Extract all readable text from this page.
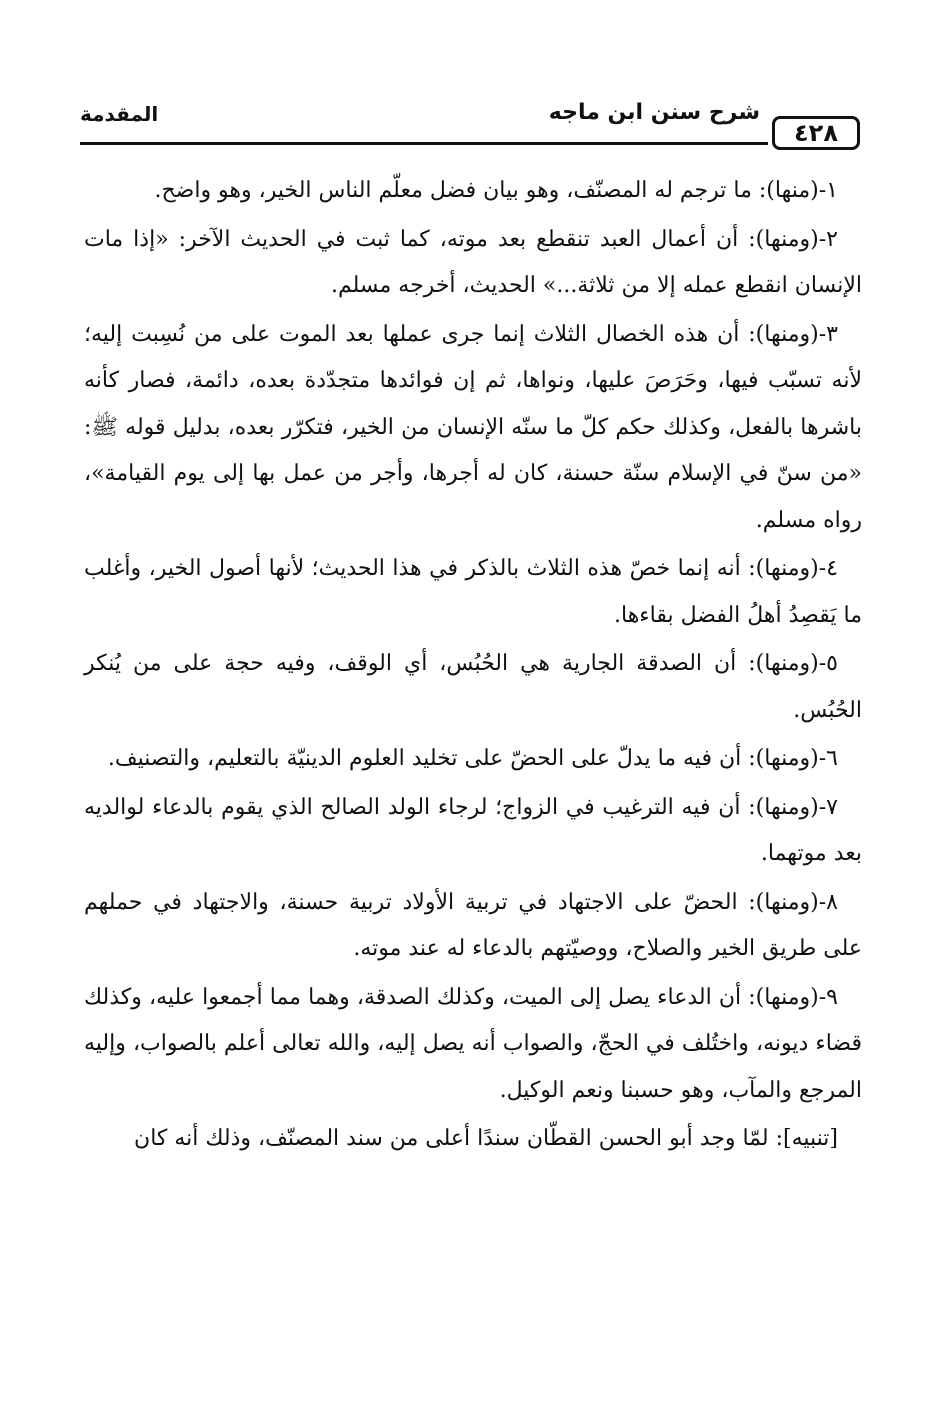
٤٢٨
شرح سنن ابن ماجه
المقدمة

١-(منها): ما ترجم له المصنّف، وهو بيان فضل معلّم الناس الخير، وهو واضح.

٢-(ومنها): أن أعمال العبد تنقطع بعد موته، كما ثبت في الحديث الآخر: «إذا مات الإنسان انقطع عمله إلا من ثلاثة...» الحديث، أخرجه مسلم.

٣-(ومنها): أن هذه الخصال الثلاث إنما جرى عملها بعد الموت على من نُسِبت إليه؛ لأنه تسبّب فيها، وحَرَصَ عليها، ونواها، ثم إن فوائدها متجدّدة بعده، دائمة، فصار كأنه باشرها بالفعل، وكذلك حكم كلّ ما سنّه الإنسان من الخير، فتكرّر بعده، بدليل قوله ﷺ: «من سنّ في الإسلام سنّة حسنة، كان له أجرها، وأجر من عمل بها إلى يوم القيامة»، رواه مسلم.

٤-(ومنها): أنه إنما خصّ هذه الثلاث بالذكر في هذا الحديث؛ لأنها أصول الخير، وأغلب ما يَقصِدُ أهلُ الفضل بقاءها.

٥-(ومنها): أن الصدقة الجارية هي الحُبُس، أي الوقف، وفيه حجة على من يُنكر الحُبُس.

٦-(ومنها): أن فيه ما يدلّ على الحضّ على تخليد العلوم الدينيّة بالتعليم، والتصنيف.

٧-(ومنها): أن فيه الترغيب في الزواج؛ لرجاء الولد الصالح الذي يقوم بالدعاء لوالديه بعد موتهما.

٨-(ومنها): الحضّ على الاجتهاد في تربية الأولاد تربية حسنة، والاجتهاد في حملهم على طريق الخير والصلاح، ووصيّتهم بالدعاء له عند موته.

٩-(ومنها): أن الدعاء يصل إلى الميت، وكذلك الصدقة، وهما مما أجمعوا عليه، وكذلك قضاء ديونه، واختُلف في الحجّ، والصواب أنه يصل إليه، والله تعالى أعلم بالصواب، وإليه المرجع والمآب، وهو حسبنا ونعم الوكيل.

[تنبيه]: لمّا وجد أبو الحسن القطّان سندًا أعلى من سند المصنّف، وذلك أنه كان
